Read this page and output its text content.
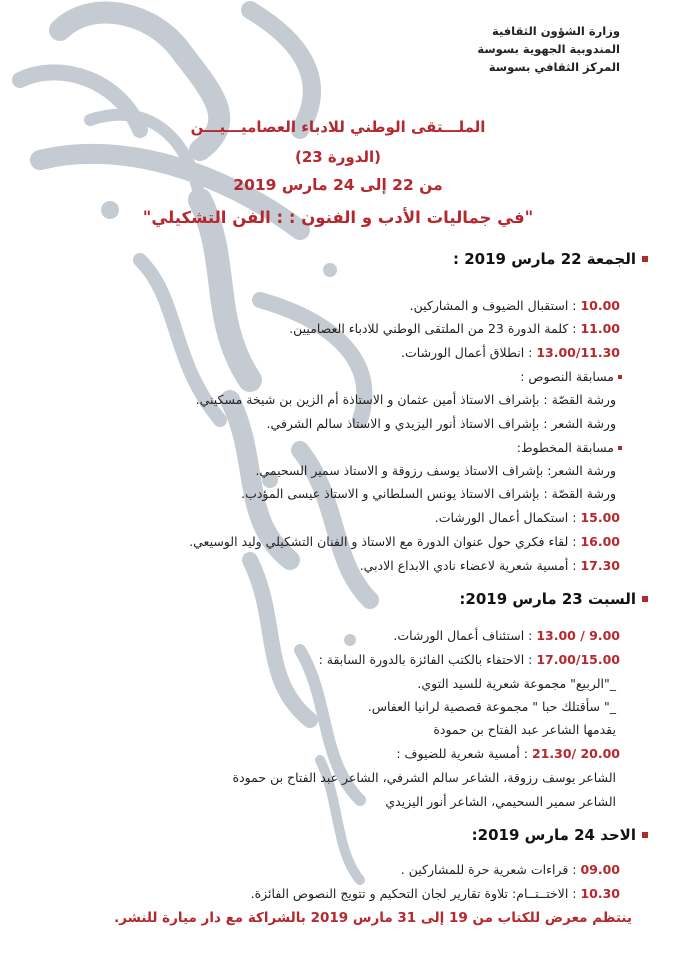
وزارة الشؤون الثقافية

المندوبية الجهوية بسوسة

المركز الثقافي بسوسة

الملـــتقى الوطني للادباء العصاميـــيـــن

(الدورة 23)

من 22 إلى 24 مارس 2019

"في جماليات الأدب و الفنون : : الفن التشكيلي"

الجمعة 22 مارس 2019 :

10.00 : استقبال الضيوف و المشاركين.

11.00 : كلمة الدورة 23 من الملتقى الوطني للادباء العصاميين.

13.00/11.30 : انطلاق أعمال الورشات.

مسابقة النصوص :

ورشة القصّة : بإشراف الاستاذ أمين عثمان و الاستاذة أم الزين بن شيخة مسكيني.

ورشة الشعر : بإشراف الاستاذ أنور اليزيدي و الاستاذ سالم الشرفي.

مسابقة المخطوط:

ورشة الشعر: بإشراف الاستاذ يوسف رزوقة و الاستاذ سمير السحيمي.

ورشة القصّة : بإشراف الاستاذ يونس السلطاني و الاستاذ عيسى المؤدب.

15.00 : استكمال أعمال الورشات.

16.00 : لقاء فكري حول عنوان الدورة مع الاستاذ و الفنان التشكيلي وليد الوسيعي.

17.30 : أمسية شعرية لاعضاء نادي الابداع الادبي.

السبت 23 مارس 2019:

9.00 / 13.00 : استئناف أعمال الورشات.

17.00/15.00 : الاحتفاء بالكتب الفائزة بالدورة السابقة :

_"الربيع" مجموعة شعرية للسيد التوي.

_" سأقتلك حبا " مجموعة قصصية لرانيا العفاس.

يقدمها الشاعر عبد الفتاح بن حمودة

20.00 /21.30 : أمسية شعرية للضيوف :

الشاعر يوسف رزوقة، الشاعر سالم الشرفي، الشاعر عبد الفتاح بن حمودة

الشاعر سمير السحيمي، الشاعر أنور اليزيدي

الاحد 24 مارس 2019:

09.00 : قراءات شعرية حرة للمشاركين .

10.30 : الاختــتــام: تلاوة تقارير لجان التحكيم و تتويج النصوص الفائزة.

ينتظم معرض للكتاب من 19 إلى 31 مارس 2019 بالشراكة مع دار ميارة للنشر.
